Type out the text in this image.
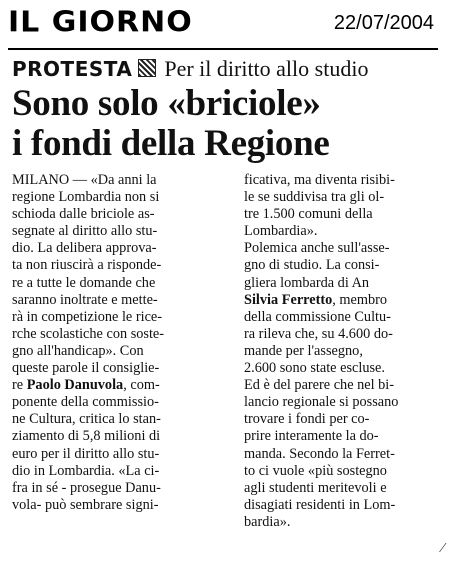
IL GIORNO	22/07/2004
PROTESTA Per il diritto allo studio
Sono solo «briciole»
i fondi della Regione
MILANO — «Da anni la
regione Lombardia non si
schioda dalle briciole as-
segnate al diritto allo stu-
dio. La delibera approva-
ta non riuscirà a risponde-
re a tutte le domande che
saranno inoltrate e mette-
rà in competizione le rice-
rche scolastiche con soste-
gno all'handicap». Con
queste parole il consiglie-
re Paolo Danuvola, com-
ponente della commissio-
ne Cultura, critica lo stan-
ziamento di 5,8 milioni di
euro per il diritto allo stu-
dio in Lombardia. «La ci-
fra in sé - prosegue Danu-
vola- può sembrare signi-
ficativa, ma diventa risibi-
le se suddivisa tra gli ol-
tre 1.500 comuni della
Lombardia».
Polemica anche sull'asse-
gno di studio. La consi-
gliera lombarda di An
Silvia Ferretto, membro
della commissione Cultu-
ra rileva che, su 4.600 do-
mande per l'assegno,
2.600 sono state escluse.
Ed è del parere che nel bi-
lancio regionale si possano
trovare i fondi per co-
prire interamente la do-
manda. Secondo la Ferret-
to ci vuole «più sostegno
agli studenti meritevoli e
disagiati residenti in Lom-
bardia».
⁄
